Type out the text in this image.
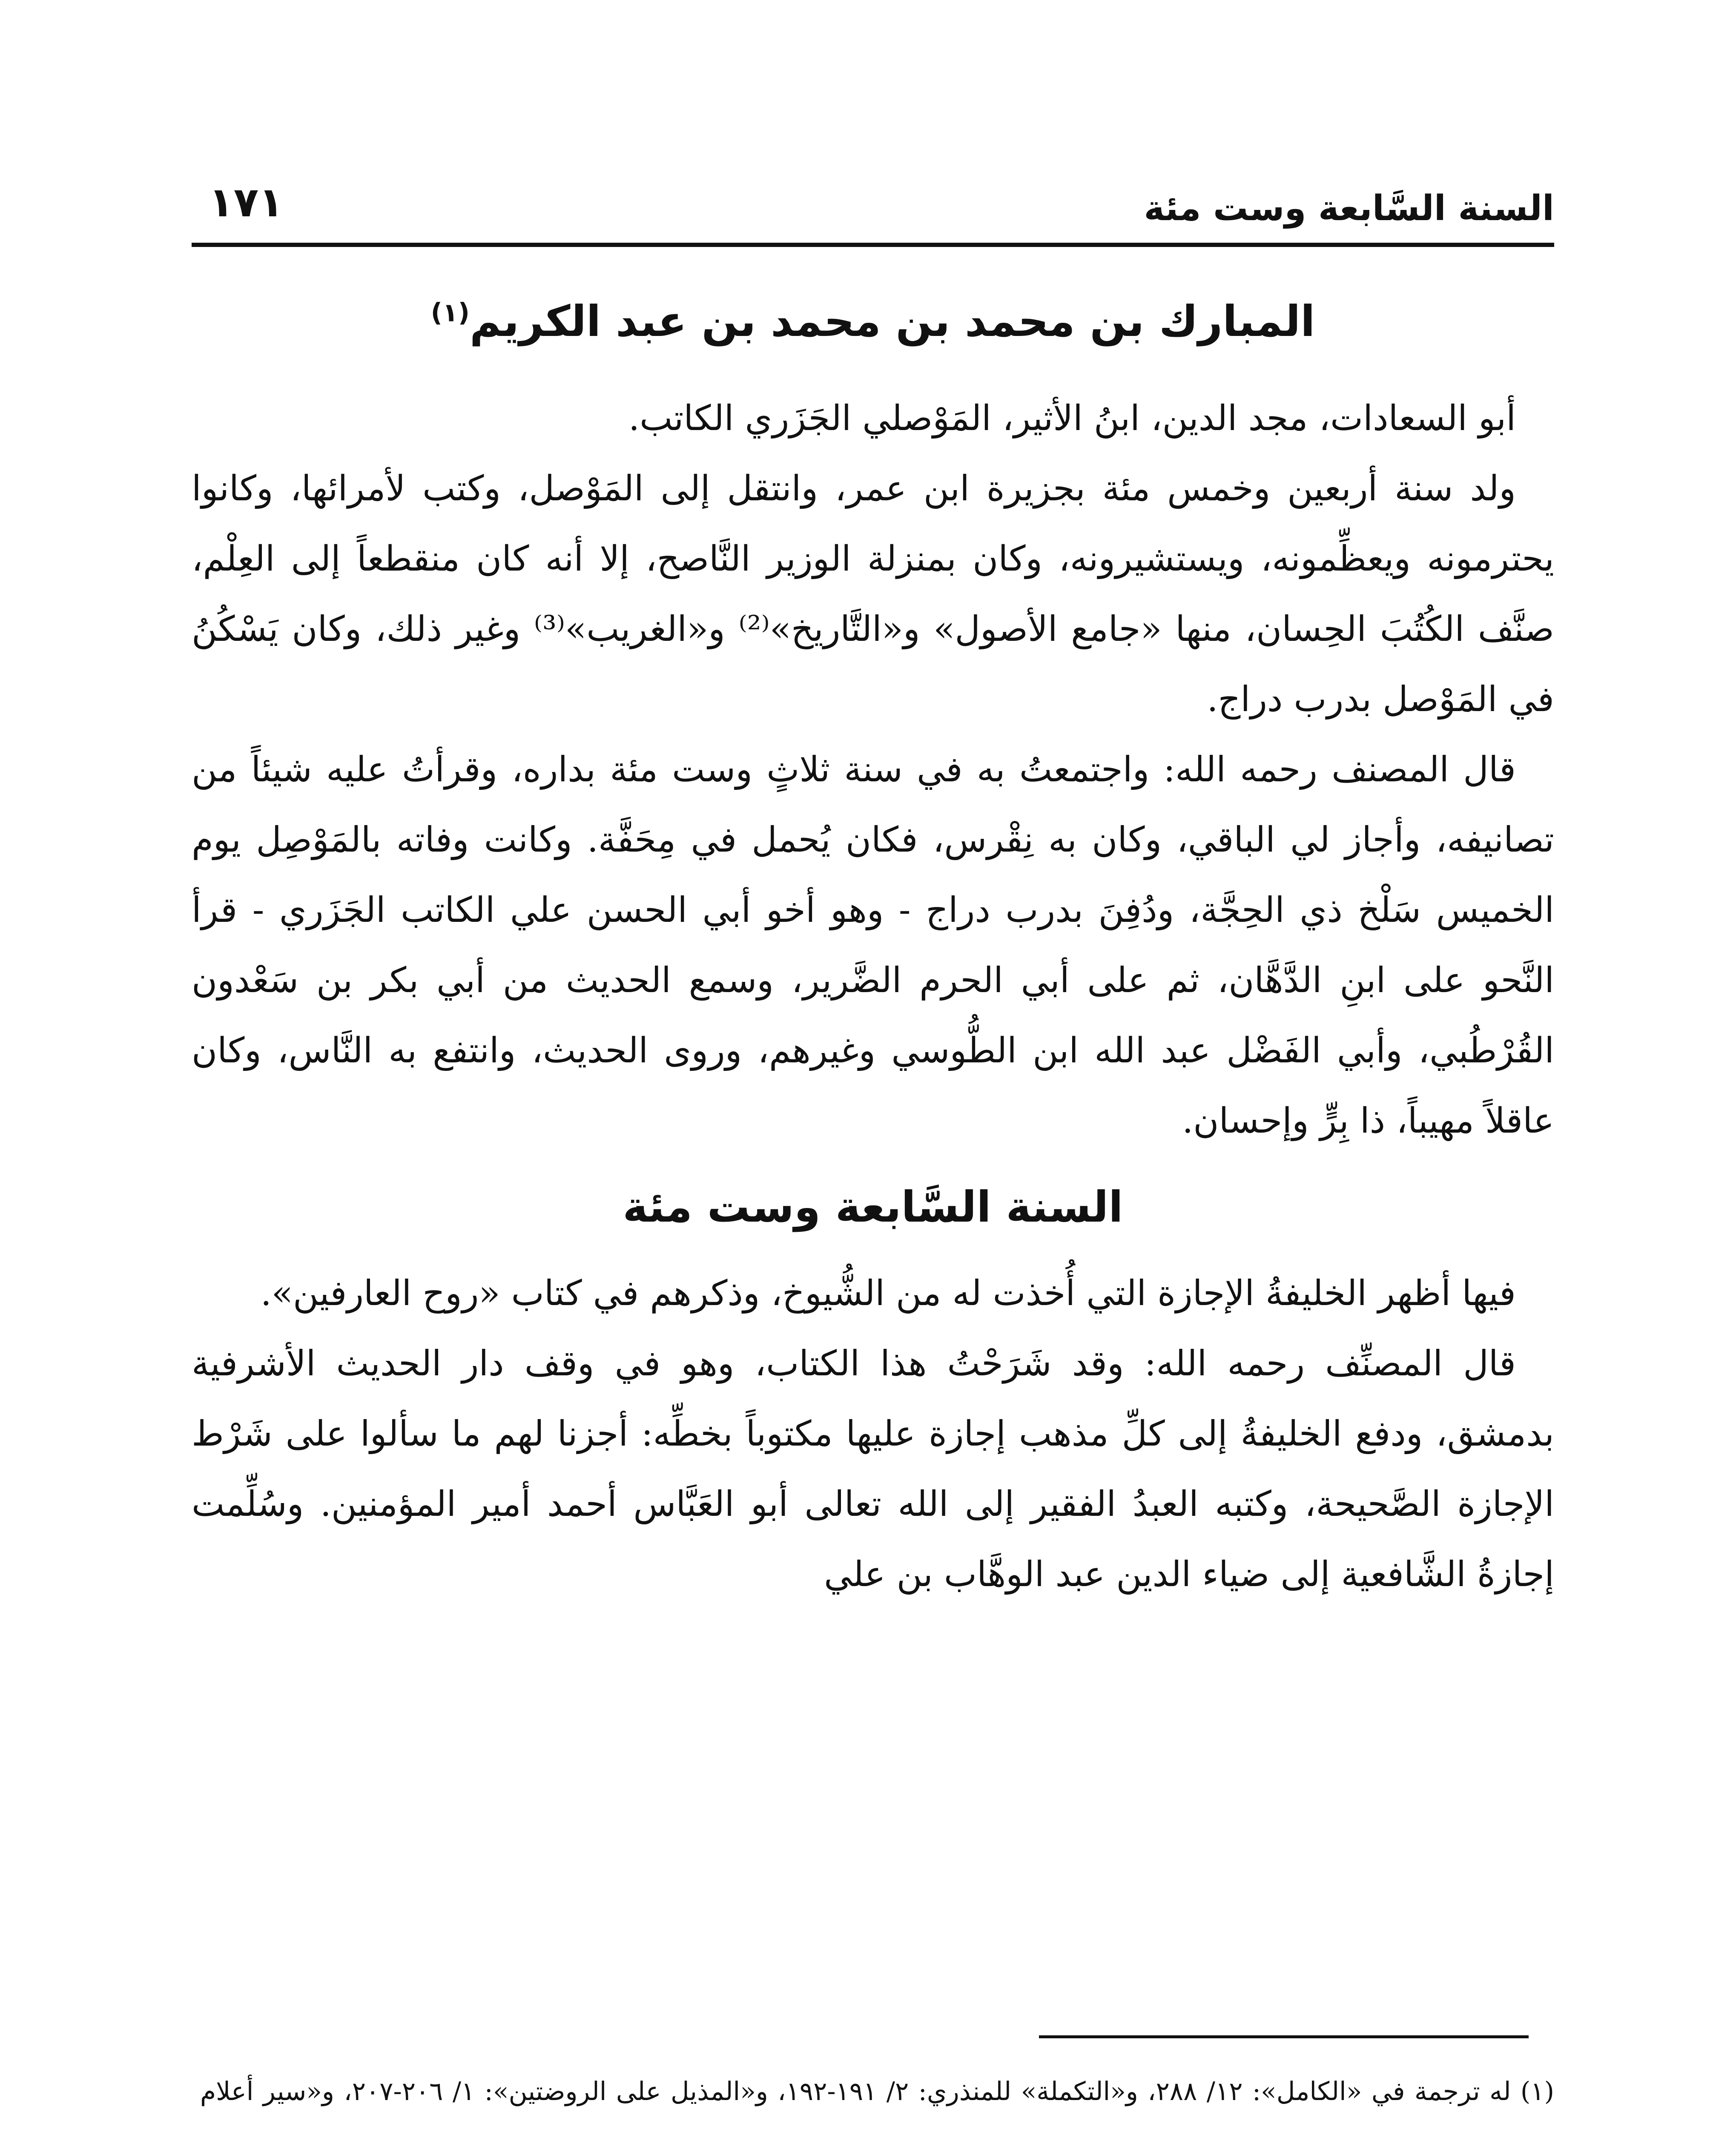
السنة السَّابعة وست مئة
١٧١
المبارك بن محمد بن محمد بن عبد الكريم$^{(١)}$

أبو السعادات، مجد الدين، ابنُ الأثير، المَوْصلي الجَزَري الكاتب.

ولد سنة أربعين وخمس مئة بجزيرة ابن عمر، وانتقل إلى المَوْصل، وكتب لأمرائها، وكانوا يحترمونه ويعظِّمونه، ويستشيرونه، وكان بمنزلة الوزير النَّاصح، إلا أنه كان منقطعاً إلى العِلْم، صنَّف الكُتُبَ الحِسان، منها «جامع الأصول» و«التَّاريخ»⁽²⁾ و«الغريب»⁽³⁾ وغير ذلك، وكان يَسْكُنُ في المَوْصل بدرب دراج.

قال المصنف رحمه الله: واجتمعتُ به في سنة ثلاثٍ وست مئة بداره، وقرأتُ عليه شيئاً من تصانيفه، وأجاز لي الباقي، وكان به نِقْرس، فكان يُحمل في مِحَفَّة. وكانت وفاته بالمَوْصِل يوم الخميس سَلْخ ذي الحِجَّة، ودُفِنَ بدرب دراج - وهو أخو أبي الحسن علي الكاتب الجَزَري - قرأ النَّحو على ابنِ الدَّهَّان، ثم على أبي الحرم الضَّرير، وسمع الحديث من أبي بكر بن سَعْدون القُرْطُبي، وأبي الفَضْل عبد الله ابن الطُّوسي وغيرهم، وروى الحديث، وانتفع به النَّاس، وكان عاقلاً مهيباً، ذا بِرٍّ وإحسان.

السنة السَّابعة وست مئة

فيها أظهر الخليفةُ الإجازة التي أُخذت له من الشُّيوخ، وذكرهم في كتاب «روح العارفين».

قال المصنِّف رحمه الله: وقد شَرَحْتُ هذا الكتاب، وهو في وقف دار الحديث الأشرفية بدمشق، ودفع الخليفةُ إلى كلِّ مذهب إجازة عليها مكتوباً بخطِّه: أجزنا لهم ما سألوا على شَرْط الإجازة الصَّحيحة، وكتبه العبدُ الفقير إلى الله تعالى أبو العَبَّاس أحمد أمير المؤمنين. وسُلِّمت إجازةُ الشَّافعية إلى ضياء الدين عبد الوهَّاب بن علي

(١) له ترجمة في «الكامل»: ١٢/ ٢٨٨، و«التكملة» للمنذري: ٢/ ١٩١-١٩٢، و«المذيل على الروضتين»: ١/ ٢٠٦-٢٠٧، و«سير أعلام
